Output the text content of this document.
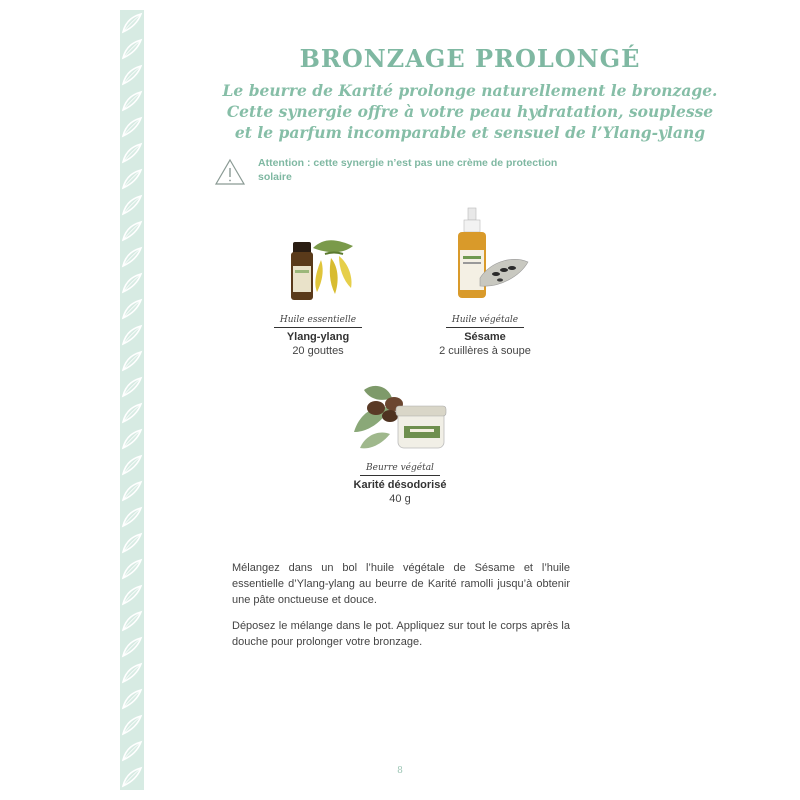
BRONZAGE PROLONGÉ
Le beurre de Karité prolonge naturellement le bronzage.
Cette synergie offre à votre peau hydratation, souplesse
et le parfum incomparable et sensuel de l’Ylang-ylang
Attention : cette synergie n’est pas une crème de protection solaire
Huile essentielle
Ylang-ylang
20 gouttes
Huile végétale
Sésame
2 cuillères à soupe
Beurre végétal
Karité désodorisé
40 g

Mélangez dans un bol l’huile végétale de Sésame et l’huile essentielle d’Ylang-ylang au beurre de Karité ramolli jusqu’à obtenir une pâte onctueuse et douce.

Déposez le mélange dans le pot. Appliquez sur tout le corps après la douche pour prolonger votre bronzage.

8
